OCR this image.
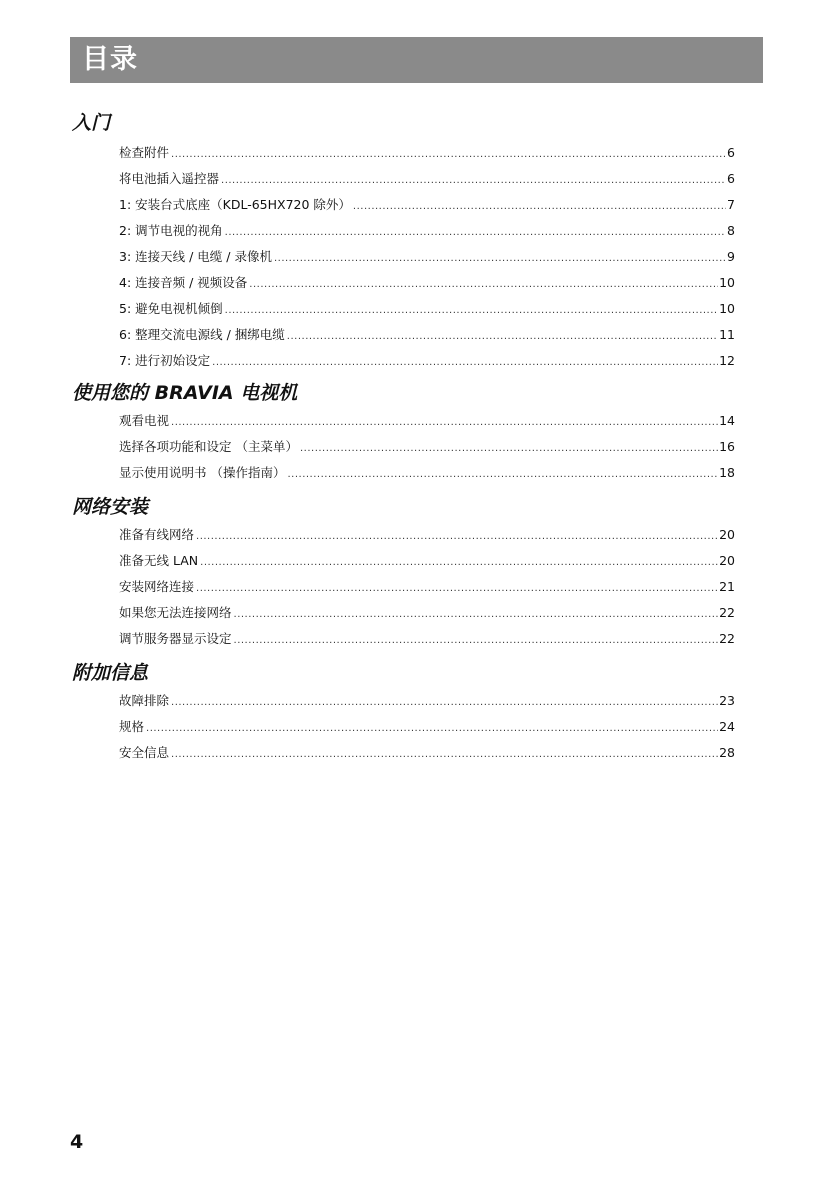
目录
入门
检查附件 .....	6
将电池插入遥控器 .....	6
1: 安装台式底座（KDL-65HX720 除外） .....	7
2: 调节电视的视角 .....	8
3: 连接天线 / 电缆 / 录像机 .....	9
4: 连接音频 / 视频设备 .....	10
5: 避免电视机倾倒 .....	10
6: 整理交流电源线 / 捆绑电缆 .....	11
7: 进行初始设定 .....	12
使用您的 BRAVIA 电视机
观看电视 .....	14
选择各项功能和设定 （主菜单） .....	16
显示使用说明书 （操作指南） .....	18
网络安装
准备有线网络 .....	20
准备无线 LAN .....	20
安装网络连接 .....	21
如果您无法连接网络 .....	22
调节服务器显示设定 .....	22
附加信息
故障排除 .....	23
规格 .....	24
安全信息 .....	28
4
